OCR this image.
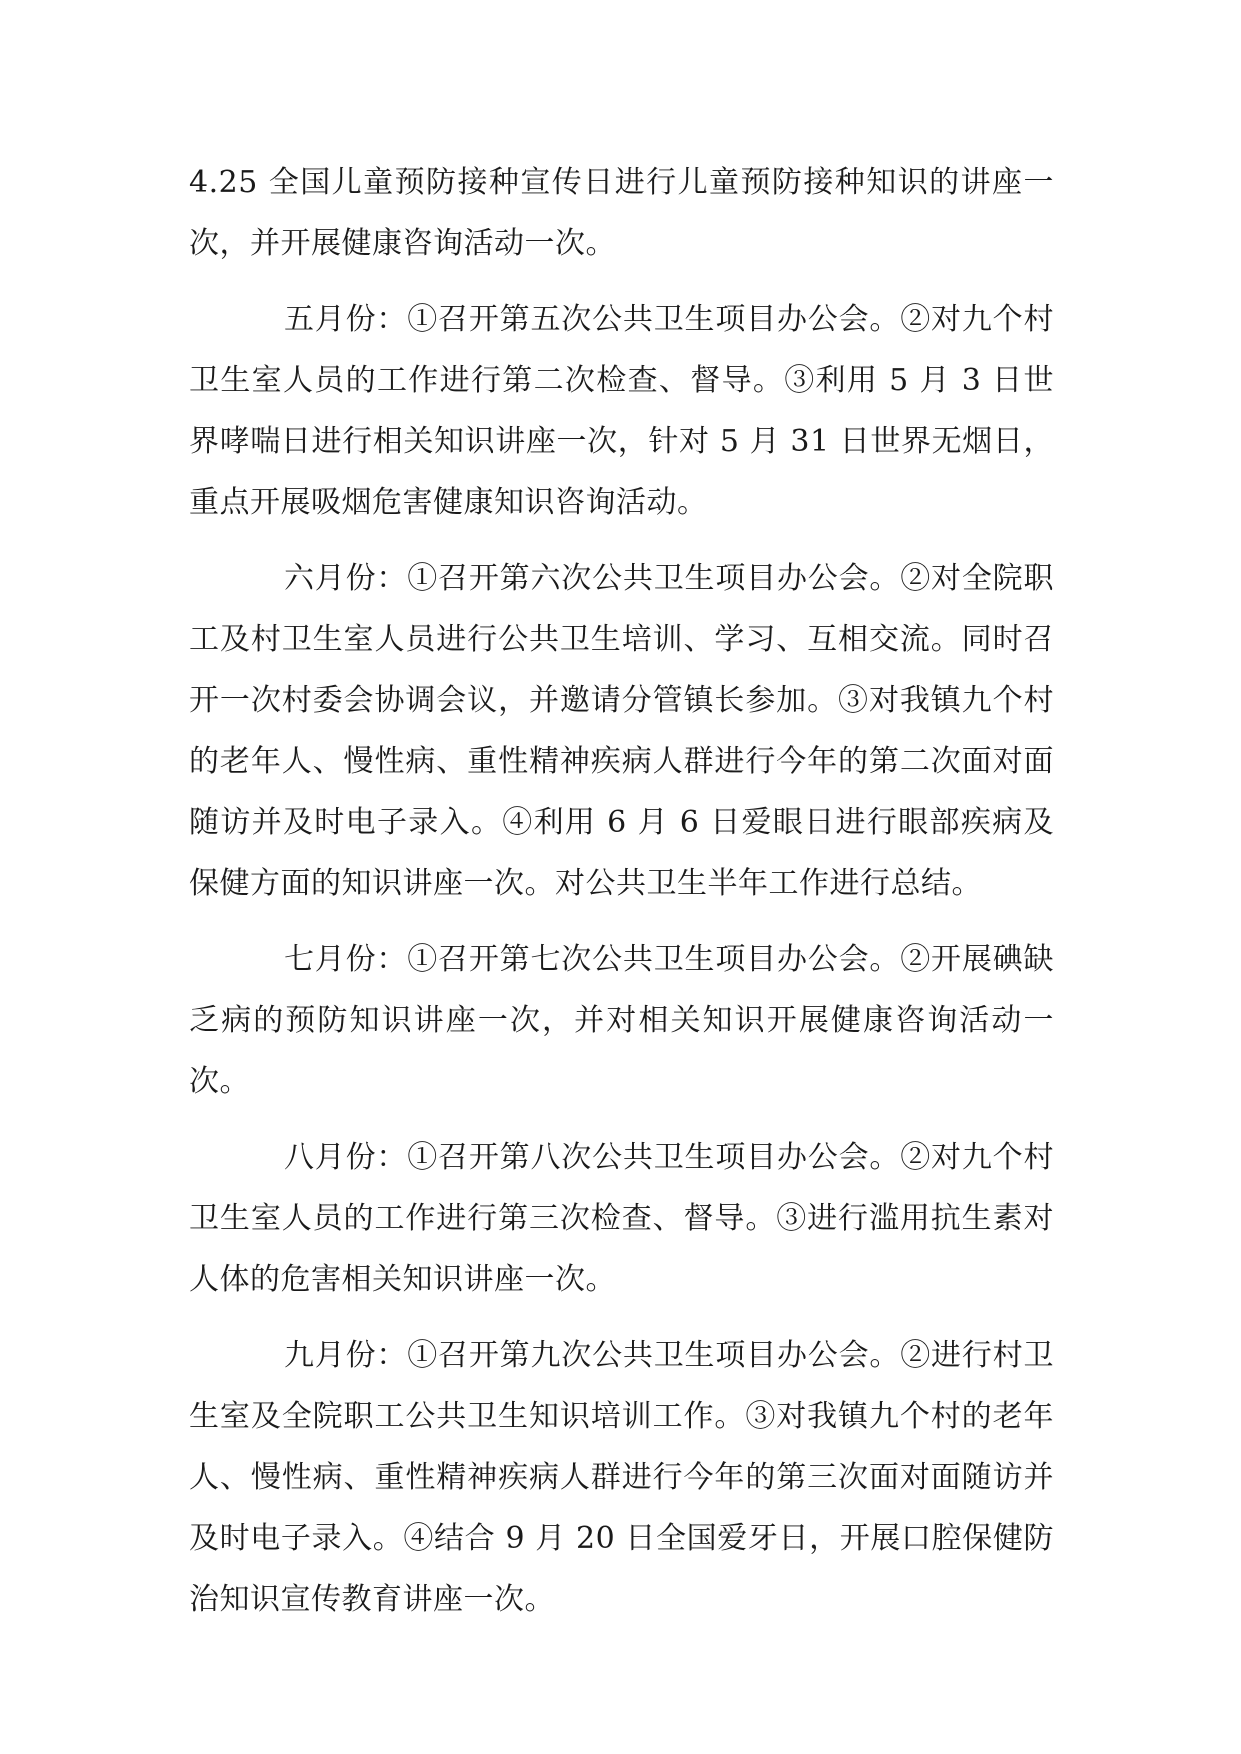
4.25 全国儿童预防接种宣传日进行儿童预防接种知识的讲座一次，并开展健康咨询活动一次。

五月份：①召开第五次公共卫生项目办公会。②对九个村卫生室人员的工作进行第二次检查、督导。③利用 5 月 3 日世界哮喘日进行相关知识讲座一次，针对 5 月 31 日世界无烟日，重点开展吸烟危害健康知识咨询活动。

六月份：①召开第六次公共卫生项目办公会。②对全院职工及村卫生室人员进行公共卫生培训、学习、互相交流。同时召开一次村委会协调会议，并邀请分管镇长参加。③对我镇九个村的老年人、慢性病、重性精神疾病人群进行今年的第二次面对面随访并及时电子录入。④利用 6 月 6 日爱眼日进行眼部疾病及保健方面的知识讲座一次。对公共卫生半年工作进行总结。

七月份：①召开第七次公共卫生项目办公会。②开展碘缺乏病的预防知识讲座一次，并对相关知识开展健康咨询活动一次。

八月份：①召开第八次公共卫生项目办公会。②对九个村卫生室人员的工作进行第三次检查、督导。③进行滥用抗生素对人体的危害相关知识讲座一次。

九月份：①召开第九次公共卫生项目办公会。②进行村卫生室及全院职工公共卫生知识培训工作。③对我镇九个村的老年人、慢性病、重性精神疾病人群进行今年的第三次面对面随访并及时电子录入。④结合 9 月 20 日全国爱牙日，开展口腔保健防治知识宣传教育讲座一次。
